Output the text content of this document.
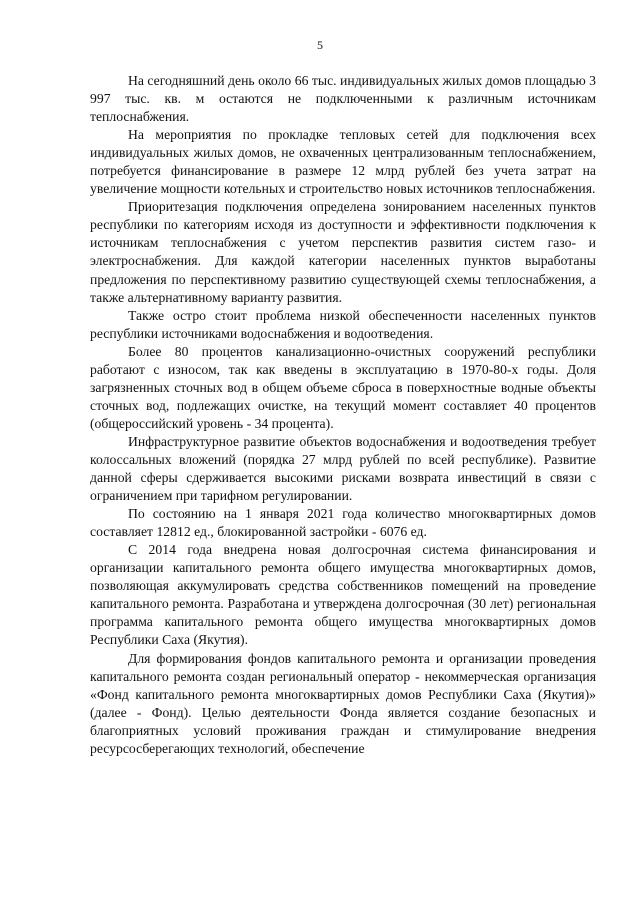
5

На сегодняшний день около 66 тыс. индивидуальных жилых домов площадью 3 997 тыс. кв. м остаются не подключенными к различным источникам теплоснабжения.

На мероприятия по прокладке тепловых сетей для подключения всех индивидуальных жилых домов, не охваченных централизованным теплоснабжением, потребуется финансирование в размере 12 млрд рублей без учета затрат на увеличение мощности котельных и строительство новых источников теплоснабжения.

Приоритезация подключения определена зонированием населенных пунктов республики по категориям исходя из доступности и эффективности подключения к источникам теплоснабжения с учетом перспектив развития систем газо- и электроснабжения. Для каждой категории населенных пунктов выработаны предложения по перспективному развитию существующей схемы теплоснабжения, а также альтернативному варианту развития.

Также остро стоит проблема низкой обеспеченности населенных пунктов республики источниками водоснабжения и водоотведения.

Более 80 процентов канализационно-очистных сооружений республики работают с износом, так как введены в эксплуатацию в 1970-80-х годы. Доля загрязненных сточных вод в общем объеме сброса в поверхностные водные объекты сточных вод, подлежащих очистке, на текущий момент составляет 40 процентов (общероссийский уровень - 34 процента).

Инфраструктурное развитие объектов водоснабжения и водоотведения требует колоссальных вложений (порядка 27 млрд рублей по всей республике). Развитие данной сферы сдерживается высокими рисками возврата инвестиций в связи с ограничением при тарифном регулировании.

По состоянию на 1 января 2021 года количество многоквартирных домов составляет 12812 ед., блокированной застройки - 6076 ед.

С 2014 года внедрена новая долгосрочная система финансирования и организации капитального ремонта общего имущества многоквартирных домов, позволяющая аккумулировать средства собственников помещений на проведение капитального ремонта. Разработана и утверждена долгосрочная (30 лет) региональная программа капитального ремонта общего имущества многоквартирных домов Республики Саха (Якутия).

Для формирования фондов капитального ремонта и организации проведения капитального ремонта создан региональный оператор - некоммерческая организация «Фонд капитального ремонта многоквартирных домов Республики Саха (Якутия)» (далее - Фонд). Целью деятельности Фонда является создание безопасных и благоприятных условий проживания граждан и стимулирование внедрения ресурсосберегающих технологий, обеспечение
